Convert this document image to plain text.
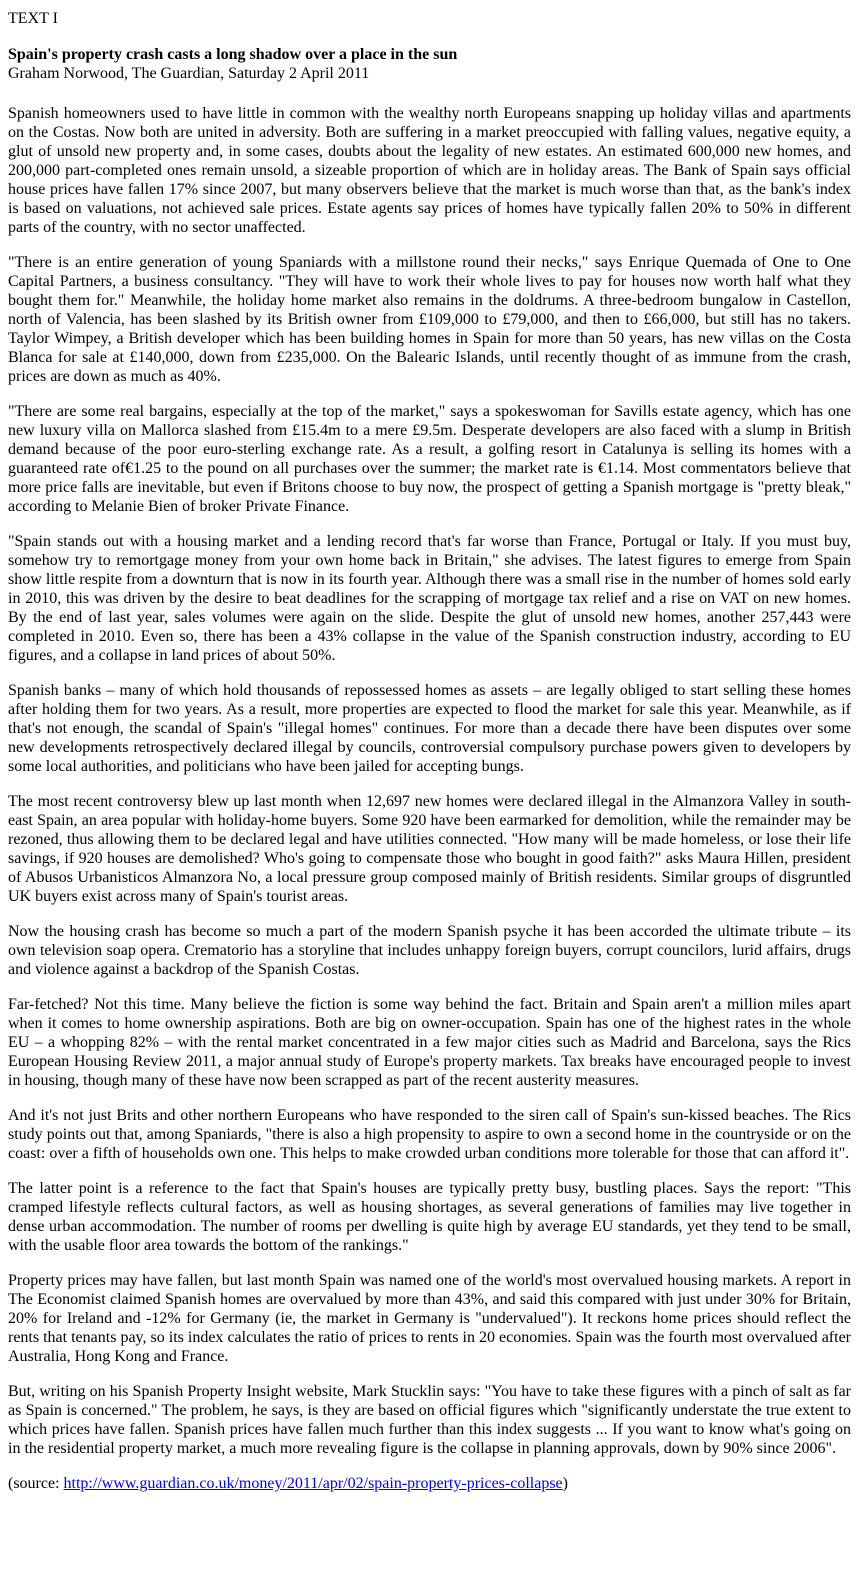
TEXT I
Spain's property crash casts a long shadow over a place in the sun
Graham Norwood, The Guardian, Saturday 2 April 2011

Spanish homeowners used to have little in common with the wealthy north Europeans snapping up holiday villas and apartments on the Costas. Now both are united in adversity. Both are suffering in a market preoccupied with falling values, negative equity, a glut of unsold new property and, in some cases, doubts about the legality of new estates. An estimated 600,000 new homes, and 200,000 part-completed ones remain unsold, a sizeable proportion of which are in holiday areas. The Bank of Spain says official house prices have fallen 17% since 2007, but many observers believe that the market is much worse than that, as the bank's index is based on valuations, not achieved sale prices. Estate agents say prices of homes have typically fallen 20% to 50% in different parts of the country, with no sector unaffected.

"There is an entire generation of young Spaniards with a millstone round their necks," says Enrique Quemada of One to One Capital Partners, a business consultancy. "They will have to work their whole lives to pay for houses now worth half what they bought them for." Meanwhile, the holiday home market also remains in the doldrums. A three-bedroom bungalow in Castellon, north of Valencia, has been slashed by its British owner from £109,000 to £79,000, and then to £66,000, but still has no takers. Taylor Wimpey, a British developer which has been building homes in Spain for more than 50 years, has new villas on the Costa Blanca for sale at £140,000, down from £235,000. On the Balearic Islands, until recently thought of as immune from the crash, prices are down as much as 40%.

"There are some real bargains, especially at the top of the market," says a spokeswoman for Savills estate agency, which has one new luxury villa on Mallorca slashed from £15.4m to a mere £9.5m. Desperate developers are also faced with a slump in British demand because of the poor euro-sterling exchange rate. As a result, a golfing resort in Catalunya is selling its homes with a guaranteed rate of€1.25 to the pound on all purchases over the summer; the market rate is €1.14. Most commentators believe that more price falls are inevitable, but even if Britons choose to buy now, the prospect of getting a Spanish mortgage is "pretty bleak," according to Melanie Bien of broker Private Finance.

"Spain stands out with a housing market and a lending record that's far worse than France, Portugal or Italy. If you must buy, somehow try to remortgage money from your own home back in Britain," she advises. The latest figures to emerge from Spain show little respite from a downturn that is now in its fourth year. Although there was a small rise in the number of homes sold early in 2010, this was driven by the desire to beat deadlines for the scrapping of mortgage tax relief and a rise on VAT on new homes. By the end of last year, sales volumes were again on the slide. Despite the glut of unsold new homes, another 257,443 were completed in 2010. Even so, there has been a 43% collapse in the value of the Spanish construction industry, according to EU figures, and a collapse in land prices of about 50%.

Spanish banks – many of which hold thousands of repossessed homes as assets – are legally obliged to start selling these homes after holding them for two years. As a result, more properties are expected to flood the market for sale this year. Meanwhile, as if that's not enough, the scandal of Spain's "illegal homes" continues. For more than a decade there have been disputes over some new developments retrospectively declared illegal by councils, controversial compulsory purchase powers given to developers by some local authorities, and politicians who have been jailed for accepting bungs.

The most recent controversy blew up last month when 12,697 new homes were declared illegal in the Almanzora Valley in south-east Spain, an area popular with holiday-home buyers. Some 920 have been earmarked for demolition, while the remainder may be rezoned, thus allowing them to be declared legal and have utilities connected. "How many will be made homeless, or lose their life savings, if 920 houses are demolished? Who's going to compensate those who bought in good faith?" asks Maura Hillen, president of Abusos Urbanisticos Almanzora No, a local pressure group composed mainly of British residents. Similar groups of disgruntled UK buyers exist across many of Spain's tourist areas.

Now the housing crash has become so much a part of the modern Spanish psyche it has been accorded the ultimate tribute – its own television soap opera. Crematorio has a storyline that includes unhappy foreign buyers, corrupt councilors, lurid affairs, drugs and violence against a backdrop of the Spanish Costas.

Far-fetched? Not this time. Many believe the fiction is some way behind the fact. Britain and Spain aren't a million miles apart when it comes to home ownership aspirations. Both are big on owner-occupation. Spain has one of the highest rates in the whole EU – a whopping 82% – with the rental market concentrated in a few major cities such as Madrid and Barcelona, says the Rics European Housing Review 2011, a major annual study of Europe's property markets. Tax breaks have encouraged people to invest in housing, though many of these have now been scrapped as part of the recent austerity measures.

And it's not just Brits and other northern Europeans who have responded to the siren call of Spain's sun-kissed beaches. The Rics study points out that, among Spaniards, "there is also a high propensity to aspire to own a second home in the countryside or on the coast: over a fifth of households own one. This helps to make crowded urban conditions more tolerable for those that can afford it".

The latter point is a reference to the fact that Spain's houses are typically pretty busy, bustling places. Says the report: "This cramped lifestyle reflects cultural factors, as well as housing shortages, as several generations of families may live together in dense urban accommodation. The number of rooms per dwelling is quite high by average EU standards, yet they tend to be small, with the usable floor area towards the bottom of the rankings."

Property prices may have fallen, but last month Spain was named one of the world's most overvalued housing markets. A report in The Economist claimed Spanish homes are overvalued by more than 43%, and said this compared with just under 30% for Britain, 20% for Ireland and -12% for Germany (ie, the market in Germany is "undervalued"). It reckons home prices should reflect the rents that tenants pay, so its index calculates the ratio of prices to rents in 20 economies. Spain was the fourth most overvalued after Australia, Hong Kong and France.

But, writing on his Spanish Property Insight website, Mark Stucklin says: "You have to take these figures with a pinch of salt as far as Spain is concerned." The problem, he says, is they are based on official figures which "significantly understate the true extent to which prices have fallen. Spanish prices have fallen much further than this index suggests ... If you want to know what's going on in the residential property market, a much more revealing figure is the collapse in planning approvals, down by 90% since 2006".

(source: http://www.guardian.co.uk/money/2011/apr/02/spain-property-prices-collapse)
